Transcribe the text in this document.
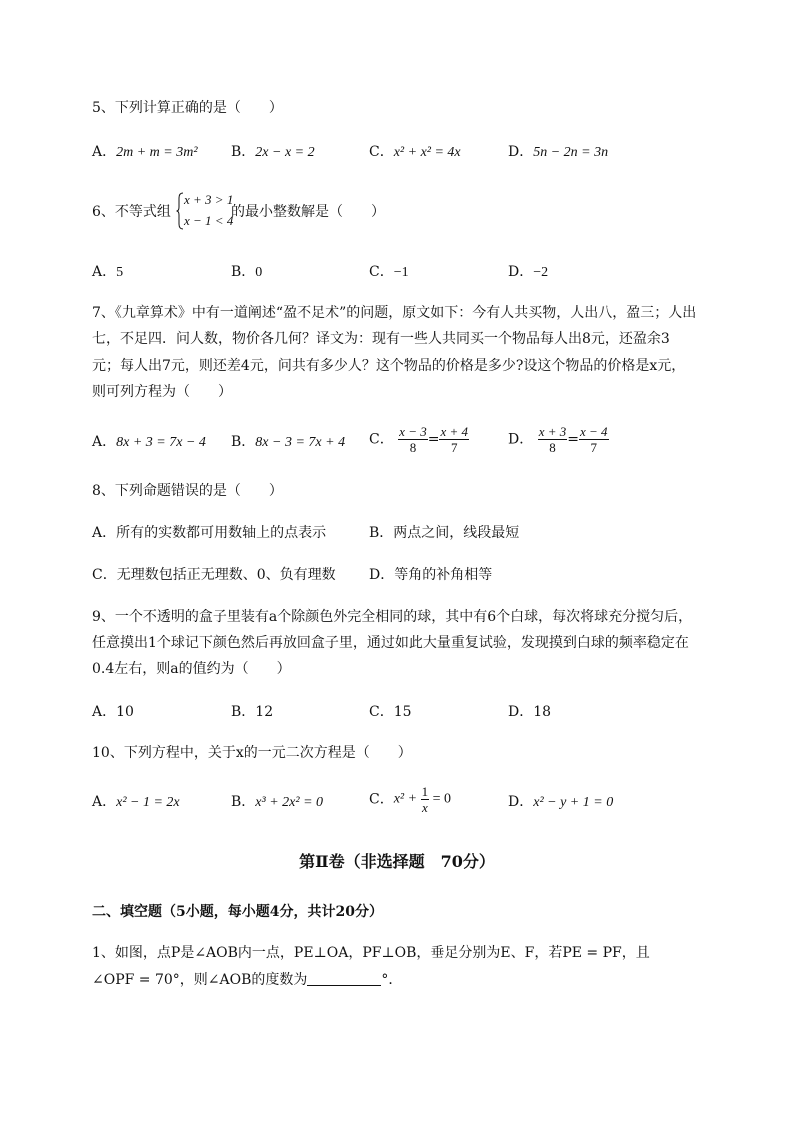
5、下列计算正确的是（　　）
A．2m + m = 3m² B．2x − x = 2	C．x² + x² = 4x	D．5n − 2n = 3n
6、不等式组
x + 3 > 1
x − 1 < 4
的最小整数解是（　　）
A．5	B．0	C．−1	D．−2
7、《九章算术》中有一道阐述“盈不足术”的问题，原文如下：今有人共买物，人出八，盈三；人出
七，不足四．问人数，物价各几何？译文为：现有一些人共同买一个物品每人出8元，还盈余3
元；每人出7元，则还差4元，问共有多少人？这个物品的价格是多少?设这个物品的价格是x元，
则可列方程为（　　）
A．8x + 3 = 7x − 4 B．8x − 3 = 7x + 4 C． $\frac{x - 3}{8} = \frac{x + 4}{7}$	D． $\frac{x + 3}{8} = \frac{x - 4}{7}$
8、下列命题错误的是（　　）
A．所有的实数都可用数轴上的点表示	B．两点之间，线段最短
C．无理数包括正无理数、0、负有理数 D．等角的补角相等
9、一个不透明的盒子里装有a个除颜色外完全相同的球，其中有6个白球，每次将球充分搅匀后，
任意摸出1个球记下颜色然后再放回盒子里，通过如此大量重复试验，发现摸到白球的频率稳定在
0.4左右，则a的值约为（　　）
A．10	B．12	C．15	D．18
10、下列方程中，关于x的一元二次方程是（　　）
A．x² − 1 = 2x	B．x³ + 2x² = 0	C．$x^2 + \frac{1}{x} = 0$	D．x² − y + 1 = 0
第Ⅱ卷（非选择题　70分）
二、填空题（5小题，每小题4分，共计20分）
1、如图，点P是∠AOB内一点，PE⊥OA，PF⊥OB，垂足分别为E、F，若PE = PF，且
∠OPF = 70°，则∠AOB的度数为	°．
